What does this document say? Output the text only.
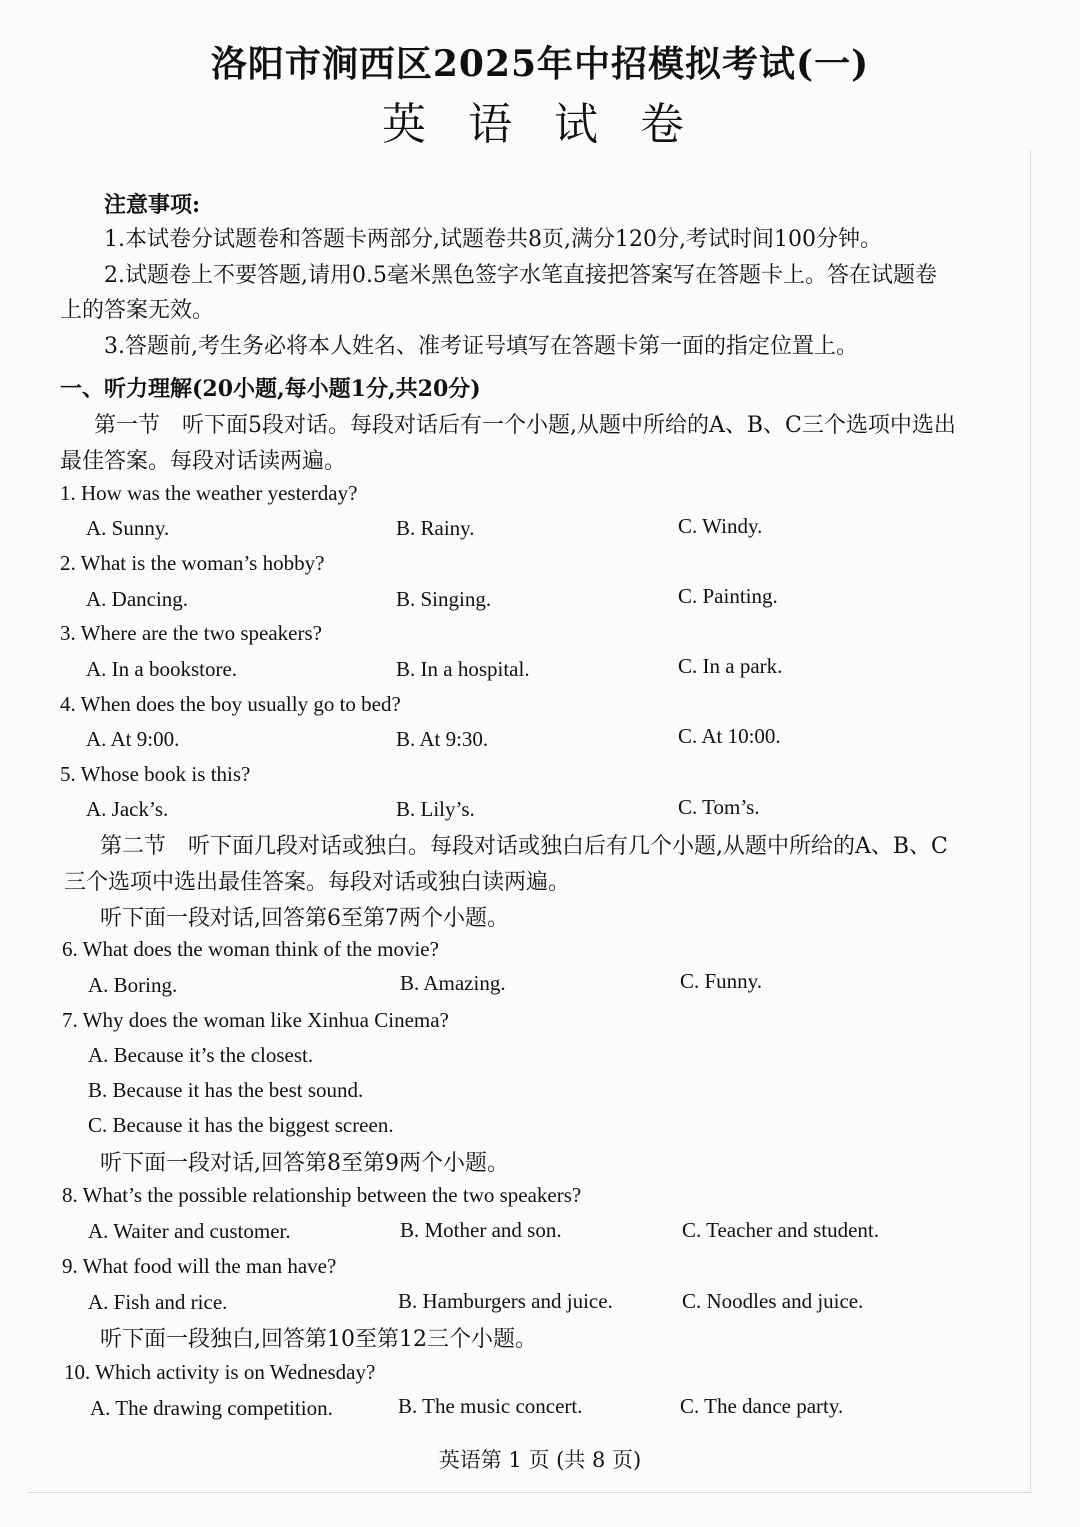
洛阳市涧西区2025年中招模拟考试(一)
英 语 试 卷
注意事项:
1.本试卷分试题卷和答题卡两部分,试题卷共8页,满分120分,考试时间100分钟。
2.试题卷上不要答题,请用0.5毫米黑色签字水笔直接把答案写在答题卡上。答在试题卷
上的答案无效。
3.答题前,考生务必将本人姓名、准考证号填写在答题卡第一面的指定位置上。
一、听力理解(20小题,每小题1分,共20分)
第一节　听下面5段对话。每段对话后有一个小题,从题中所给的A、B、C三个选项中选出
最佳答案。每段对话读两遍。
1. How was the weather yesterday?
A. Sunny.	B. Rainy.	C. Windy.
2. What is the woman’s hobby?
A. Dancing.	B. Singing.	C. Painting.
3. Where are the two speakers?
A. In a bookstore.	B. In a hospital.	C. In a park.
4. When does the boy usually go to bed?
A. At 9:00.	B. At 9:30.	C. At 10:00.
5. Whose book is this?
A. Jack’s.	B. Lily’s.	C. Tom’s.
第二节　听下面几段对话或独白。每段对话或独白后有几个小题,从题中所给的A、B、C
三个选项中选出最佳答案。每段对话或独白读两遍。
听下面一段对话,回答第6至第7两个小题。
6. What does the woman think of the movie?
A. Boring.	B. Amazing.	C. Funny.
7. Why does the woman like Xinhua Cinema?
A. Because it’s the closest.
B. Because it has the best sound.
C. Because it has the biggest screen.
听下面一段对话,回答第8至第9两个小题。
8. What’s the possible relationship between the two speakers?
A. Waiter and customer.	B. Mother and son.	C. Teacher and student.
9. What food will the man have?
A. Fish and rice.	B. Hamburgers and juice.	C. Noodles and juice.
听下面一段独白,回答第10至第12三个小题。
10. Which activity is on Wednesday?
A. The drawing competition.	B. The music concert.	C. The dance party.
英语第 1 页 (共 8 页)
